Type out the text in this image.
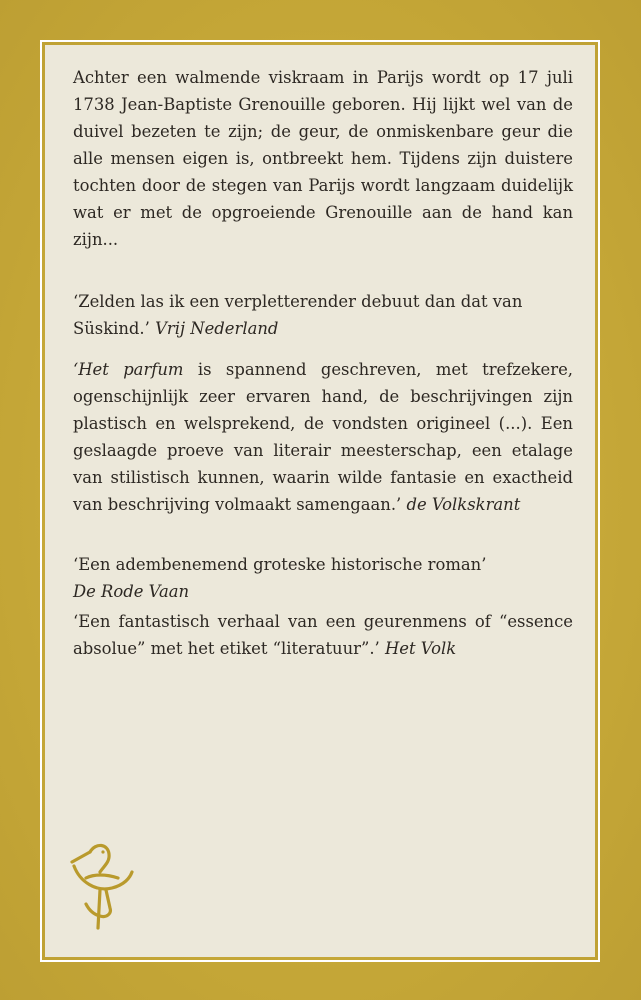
Achter een walmende viskraam in Parijs wordt op 17 juli 1738 Jean-Baptiste Grenouille geboren. Hij lijkt wel van de duivel bezeten te zijn; de geur, de onmiskenbare geur die alle mensen eigen is, ontbreekt hem. Tijdens zijn duistere tochten door de stegen van Parijs wordt langzaam duidelijk wat er met de opgroeiende Grenouille aan de hand kan zijn...

‘Zelden las ik een verpletterender debuut dan dat van Süskind.’ Vrij Nederland

‘Het parfum is spannend geschreven, met trefzekere, ogenschijnlijk zeer ervaren hand, de beschrijvingen zijn plastisch en welsprekend, de vondsten origineel (...). Een geslaagde proeve van literair meesterschap, een etalage van stilistisch kunnen, waarin wilde fantasie en exactheid van beschrijving volmaakt samengaan.’ de Volkskrant

‘Een adembenemend groteske historische roman’
De Rode Vaan

‘Een fantastisch verhaal van een geurenmens of “essence absolue” met het etiket “literatuur”.’ Het Volk
